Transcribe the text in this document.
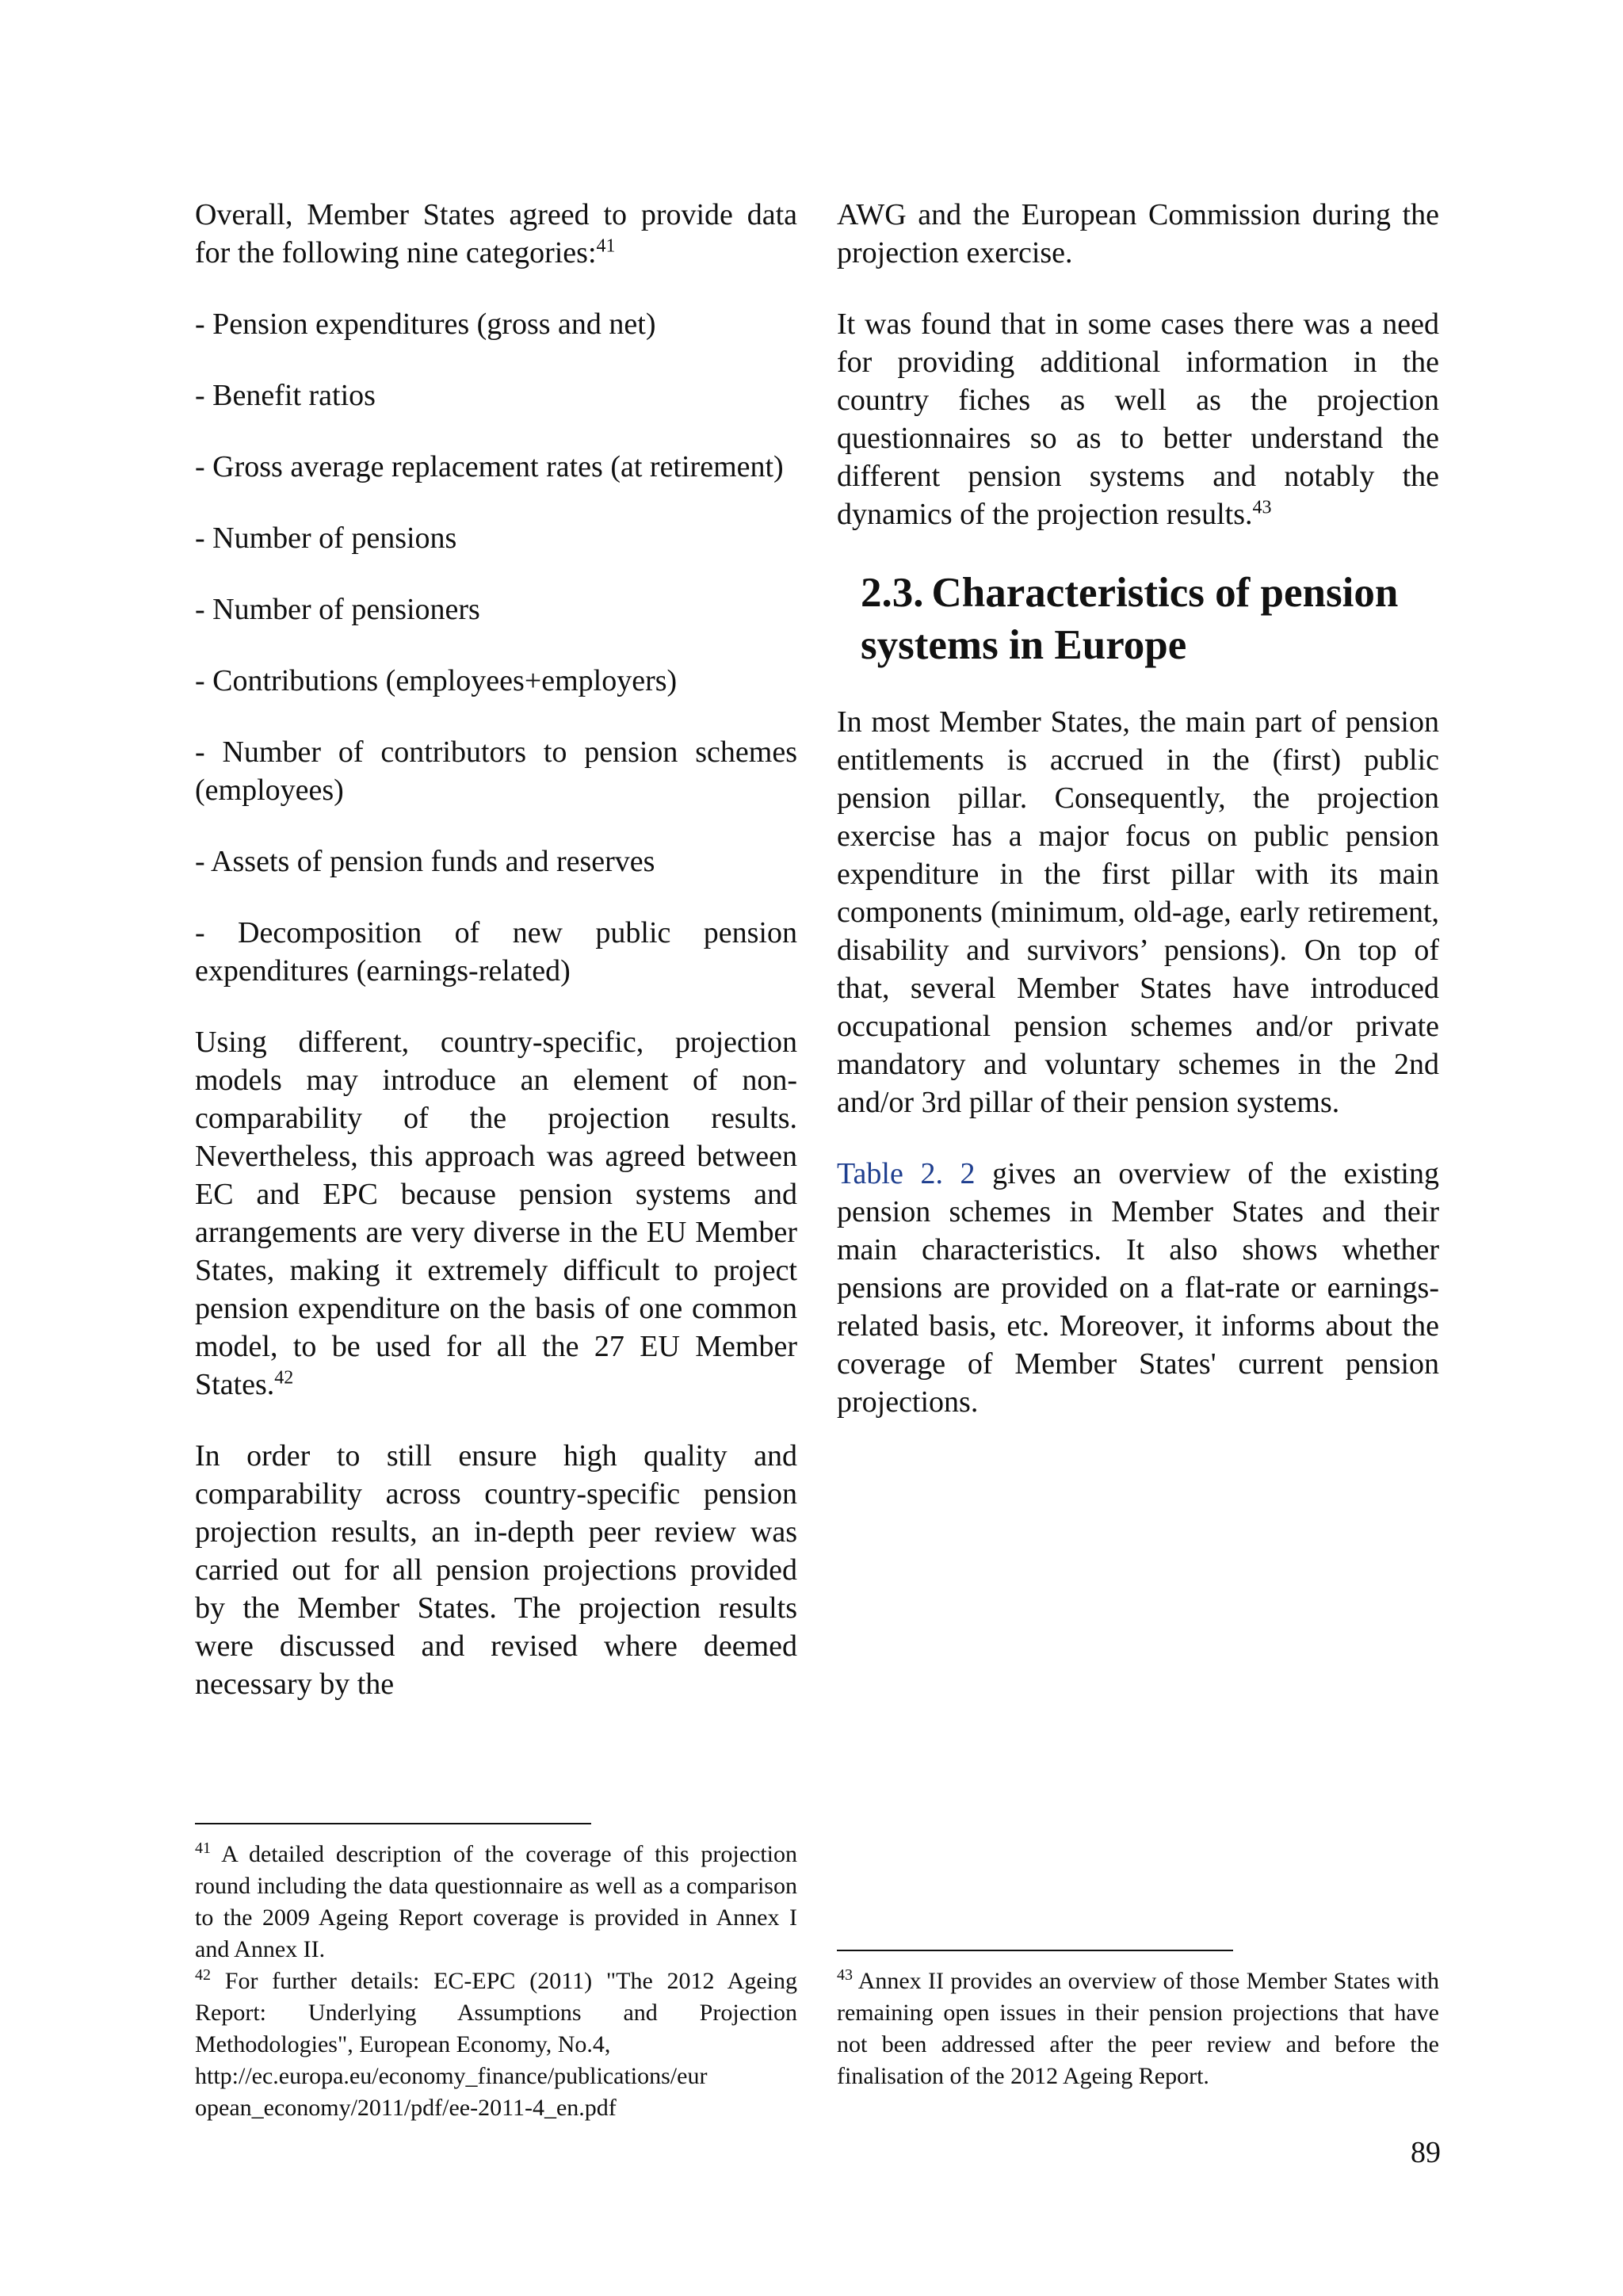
Overall, Member States agreed to provide data for the following nine categories:$^{41}$

- Pension expenditures (gross and net)

- Benefit ratios

- Gross average replacement rates (at retirement)

- Number of pensions

- Number of pensioners

- Contributions (employees+employers)

- Number of contributors to pension schemes (employees)

- Assets of pension funds and reserves

- Decomposition of new public pension expenditures (earnings-related)

Using different, country-specific, projection models may introduce an element of non-comparability of the projection results. Nevertheless, this approach was agreed between EC and EPC because pension systems and arrangements are very diverse in the EU Member States, making it extremely difficult to project pension expenditure on the basis of one common model, to be used for all the 27 EU Member States.$^{42}$

In order to still ensure high quality and comparability across country-specific pension projection results, an in-depth peer review was carried out for all pension projections provided by the Member States. The projection results were discussed and revised where deemed necessary by the

AWG and the European Commission during the projection exercise.

It was found that in some cases there was a need for providing additional information in the country fiches as well as the projection questionnaires so as to better understand the different pension systems and notably the dynamics of the projection results.$^{43}$

2.3. Characteristics of pension systems in Europe

In most Member States, the main part of pension entitlements is accrued in the (first) public pension pillar. Consequently, the projection exercise has a major focus on public pension expenditure in the first pillar with its main components (minimum, old-age, early retirement, disability and survivors’ pensions). On top of that, several Member States have introduced occupational pension schemes and/or private mandatory and voluntary schemes in the 2nd and/or 3rd pillar of their pension systems.

Table 2. 2 gives an overview of the existing pension schemes in Member States and their main characteristics. It also shows whether pensions are provided on a flat-rate or earnings-related basis, etc. Moreover, it informs about the coverage of Member States' current pension projections.

$^{41}$ A detailed description of the coverage of this projection round including the data questionnaire as well as a comparison to the 2009 Ageing Report coverage is provided in Annex I and Annex II.

$^{42}$ For further details: EC-EPC (2011) "The 2012 Ageing Report: Underlying Assumptions and Projection Methodologies", European Economy, No.4,

http://ec.europa.eu/economy_finance/publications/eur

opean_economy/2011/pdf/ee-2011-4_en.pdf

$^{43}$ Annex II provides an overview of those Member States with remaining open issues in their pension projections that have not been addressed after the peer review and before the finalisation of the 2012 Ageing Report.

89
